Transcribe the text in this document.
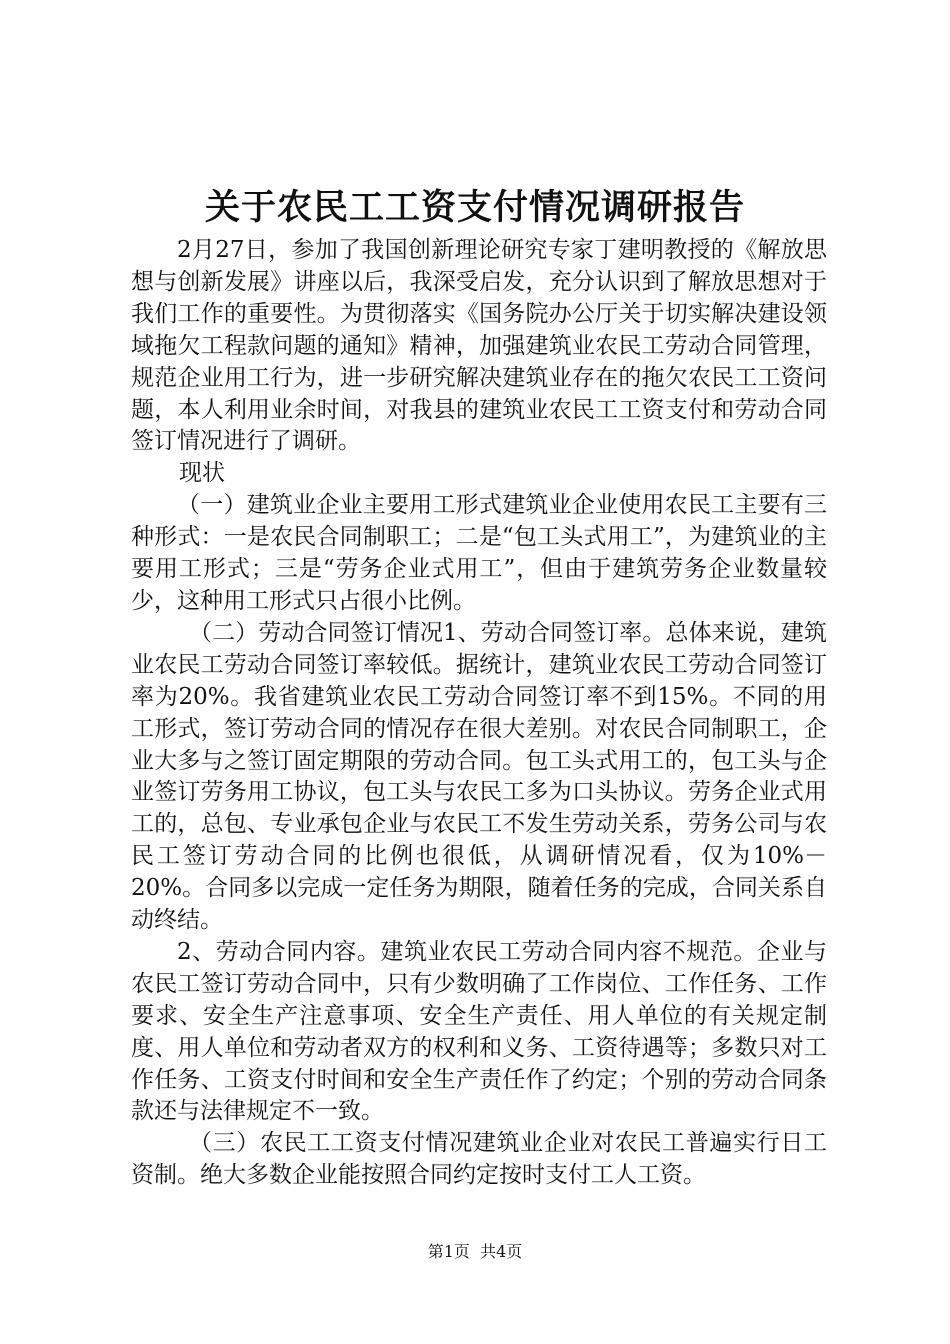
关于农民工工资支付情况调研报告

2月27日，参加了我国创新理论研究专家丁建明教授的《解放思想与创新发展》讲座以后，我深受启发，充分认识到了解放思想对于我们工作的重要性。为贯彻落实《国务院办公厅关于切实解决建设领域拖欠工程款问题的通知》精神，加强建筑业农民工劳动合同管理，规范企业用工行为，进一步研究解决建筑业存在的拖欠农民工工资问题，本人利用业余时间，对我县的建筑业农民工工资支付和劳动合同签订情况进行了调研。

现状

（一）建筑业企业主要用工形式建筑业企业使用农民工主要有三种形式：一是农民合同制职工；二是“包工头式用工”，为建筑业的主要用工形式；三是“劳务企业式用工”，但由于建筑劳务企业数量较少，这种用工形式只占很小比例。

（二）劳动合同签订情况1、劳动合同签订率。总体来说，建筑业农民工劳动合同签订率较低。据统计，建筑业农民工劳动合同签订率为20%。我省建筑业农民工劳动合同签订率不到15%。不同的用工形式，签订劳动合同的情况存在很大差别。对农民合同制职工，企业大多与之签订固定期限的劳动合同。包工头式用工的，包工头与企业签订劳务用工协议，包工头与农民工多为口头协议。劳务企业式用工的，总包、专业承包企业与农民工不发生劳动关系，劳务公司与农民工签订劳动合同的比例也很低，从调研情况看，仅为10%－20%。合同多以完成一定任务为期限，随着任务的完成，合同关系自动终结。

2、劳动合同内容。建筑业农民工劳动合同内容不规范。企业与农民工签订劳动合同中，只有少数明确了工作岗位、工作任务、工作要求、安全生产注意事项、安全生产责任、用人单位的有关规定制度、用人单位和劳动者双方的权利和义务、工资待遇等；多数只对工作任务、工资支付时间和安全生产责任作了约定；个别的劳动合同条款还与法律规定不一致。

（三）农民工工资支付情况建筑业企业对农民工普遍实行日工资制。绝大多数企业能按照合同约定按时支付工人工资。

第1页 共4页
